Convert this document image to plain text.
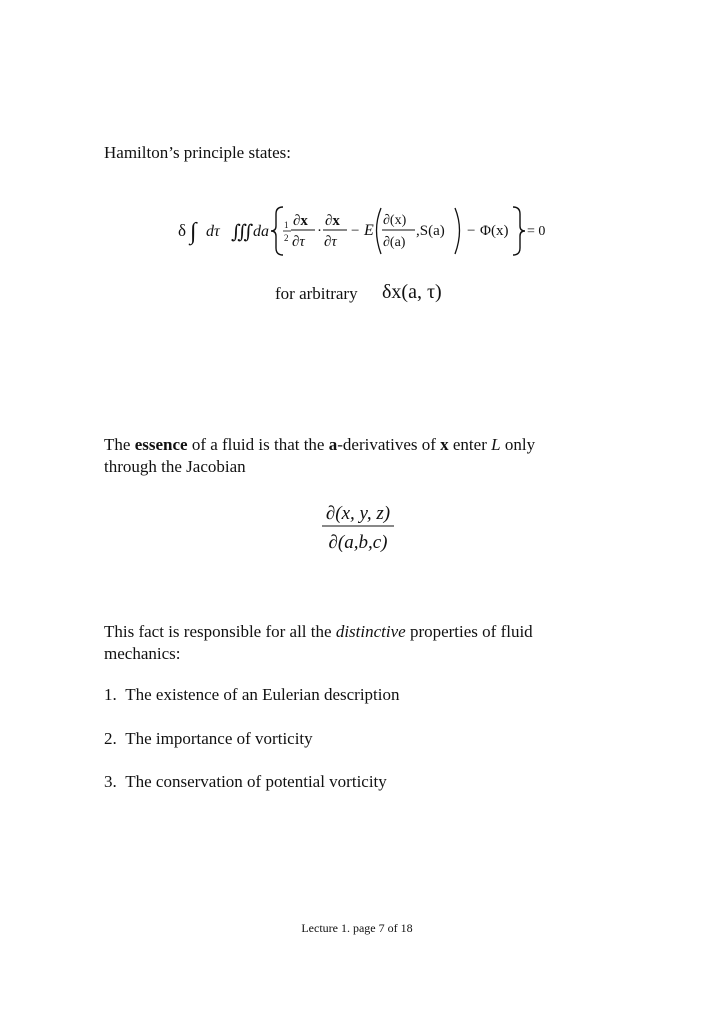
Hamilton’s principle states:
δ ∫ dτ ∭ da 1
2
∂x
∂τ
·
∂x
∂τ
− E
∂(x)
∂(a)
,S(a) − Φ(x) = 0
for arbitrary δx(a, τ)
The essence of a fluid is that the a-derivatives of x enter L only
through the Jacobian
∂(x, y, z)
∂(a,b,c)
This fact is responsible for all the distinctive properties of fluid
mechanics:
1. The existence of an Eulerian description
2. The importance of vorticity
3. The conservation of potential vorticity
Lecture 1. page 7 of 18
